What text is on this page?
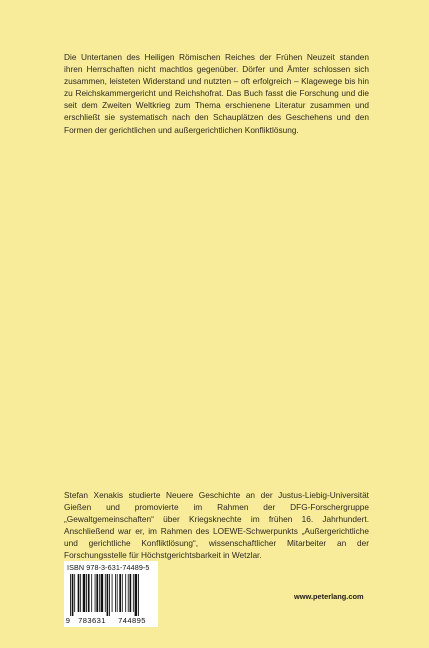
Die Untertanen des Heiligen Römischen Reiches der Frühen Neuzeit standen ihren Herrschaften nicht machtlos gegenüber. Dörfer und Ämter schlossen sich zusammen, leisteten Widerstand und nutzten – oft erfolgreich – Klagewege bis hin zu Reichskammergericht und Reichshofrat. Das Buch fasst die Forschung und die seit dem Zweiten Weltkrieg zum Thema erschienene Literatur zusammen und erschließt sie systematisch nach den Schauplätzen des Geschehens und den Formen der gerichtlichen und außergerichtlichen Konfliktlösung.

Stefan Xenakis studierte Neuere Geschichte an der Justus-Liebig-Universität Gießen und promovierte im Rahmen der DFG-Forschergruppe „Gewaltgemeinschaften“ über Kriegsknechte im frühen 16. Jahrhundert. Anschließend war er, im Rahmen des LOEWE-Schwerpunkts „Außergerichtliche und gerichtliche Konfliktlösung“, wissenschaftlicher Mitarbeiter an der Forschungsstelle für Höchstgerichtsbarkeit in Wetzlar.

ISBN 978-3-631-74489-5
9 783631 744895
www.peterlang.com
